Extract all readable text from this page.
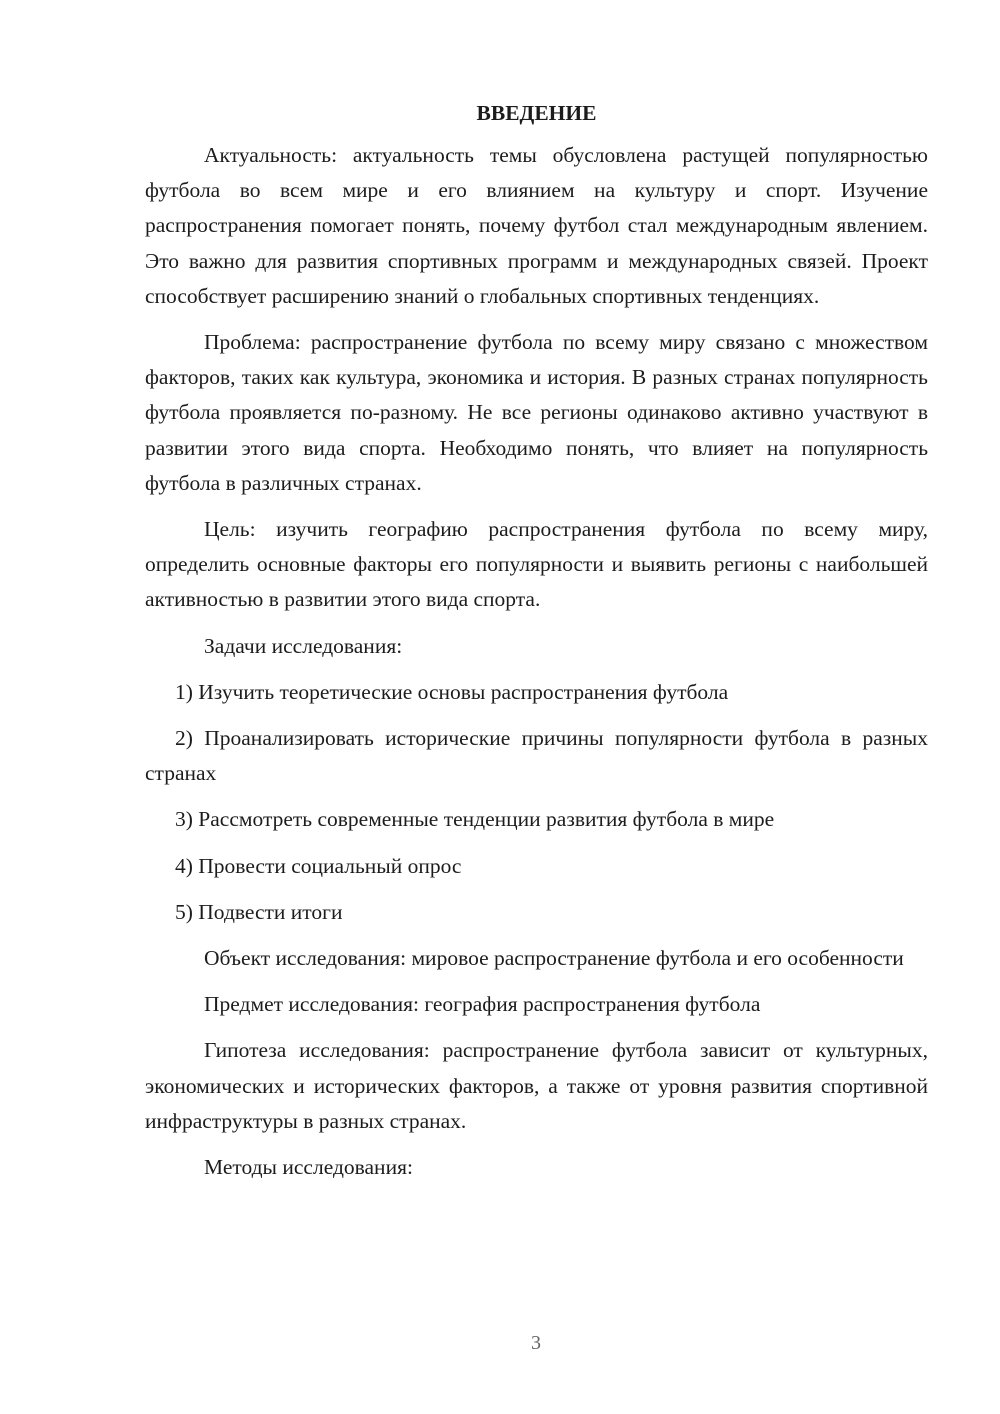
ВВЕДЕНИЕ

Актуальность: актуальность темы обусловлена растущей популярностью футбола во всем мире и его влиянием на культуру и спорт. Изучение распространения помогает понять, почему футбол стал международным явлением. Это важно для развития спортивных программ и международных связей. Проект способствует расширению знаний о глобальных спортивных тенденциях.

Проблема: распространение футбола по всему миру связано с множеством факторов, таких как культура, экономика и история. В разных странах популярность футбола проявляется по-разному. Не все регионы одинаково активно участвуют в развитии этого вида спорта. Необходимо понять, что влияет на популярность футбола в различных странах.

Цель: изучить географию распространения футбола по всему миру, определить основные факторы его популярности и выявить регионы с наибольшей активностью в развитии этого вида спорта.

Задачи исследования:

1) Изучить теоретические основы распространения футбола

2) Проанализировать исторические причины популярности футбола в разных странах

3) Рассмотреть современные тенденции развития футбола в мире

4) Провести социальный опрос

5) Подвести итоги

Объект исследования: мировое распространение футбола и его особенности

Предмет исследования: география распространения футбола

Гипотеза исследования: распространение футбола зависит от культурных, экономических и исторических факторов, а также от уровня развития спортивной инфраструктуры в разных странах.

Методы исследования:

3
